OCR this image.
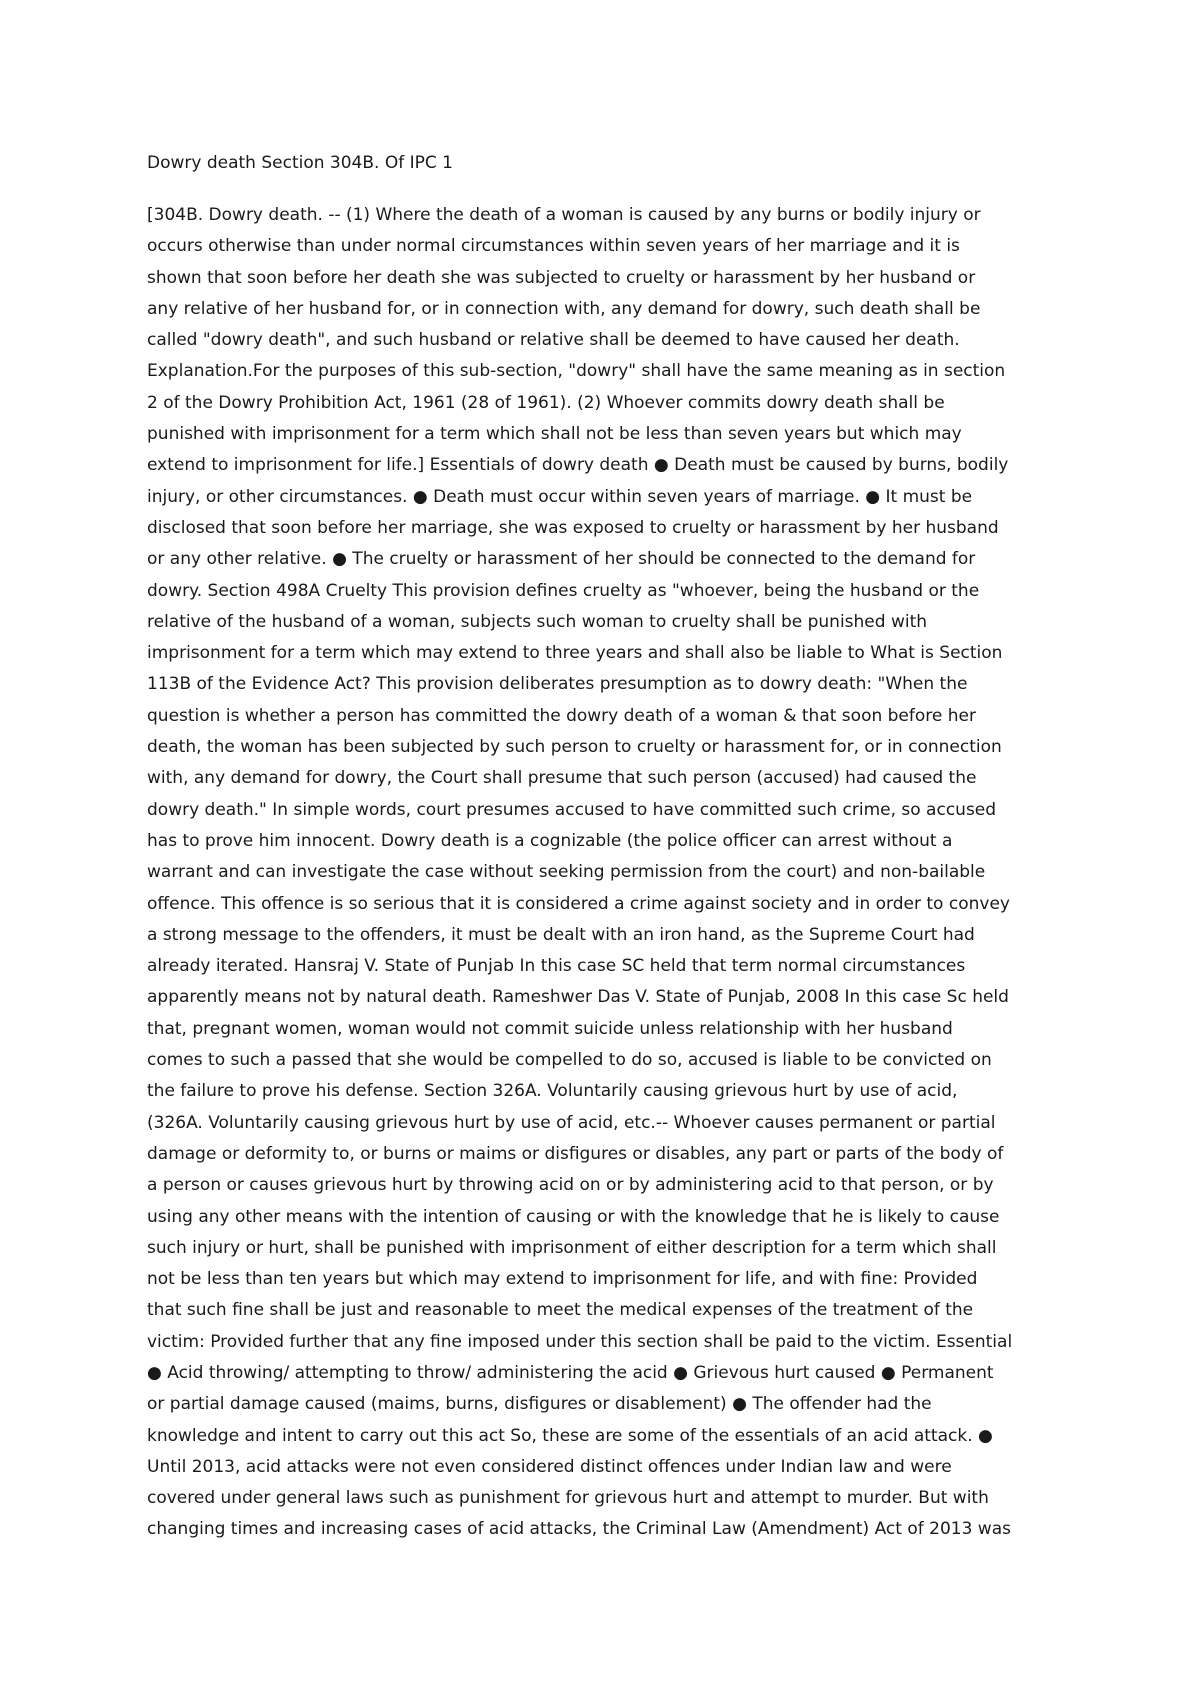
Dowry death Section 304B. Of IPC 1
[304B. Dowry death. -- (1) Where the death of a woman is caused by any burns or bodily injury or
occurs otherwise than under normal circumstances within seven years of her marriage and it is
shown that soon before her death she was subjected to cruelty or harassment by her husband or
any relative of her husband for, or in connection with, any demand for dowry, such death shall be
called "dowry death", and such husband or relative shall be deemed to have caused her death.
Explanation.For the purposes of this sub-section, "dowry" shall have the same meaning as in section
2 of the Dowry Prohibition Act, 1961 (28 of 1961). (2) Whoever commits dowry death shall be
punished with imprisonment for a term which shall not be less than seven years but which may
extend to imprisonment for life.] Essentials of dowry death ● Death must be caused by burns, bodily
injury, or other circumstances. ● Death must occur within seven years of marriage. ● It must be
disclosed that soon before her marriage, she was exposed to cruelty or harassment by her husband
or any other relative. ● The cruelty or harassment of her should be connected to the demand for
dowry. Section 498A Cruelty This provision defines cruelty as "whoever, being the husband or the
relative of the husband of a woman, subjects such woman to cruelty shall be punished with
imprisonment for a term which may extend to three years and shall also be liable to What is Section
113B of the Evidence Act? This provision deliberates presumption as to dowry death: "When the
question is whether a person has committed the dowry death of a woman & that soon before her
death, the woman has been subjected by such person to cruelty or harassment for, or in connection
with, any demand for dowry, the Court shall presume that such person (accused) had caused the
dowry death." In simple words, court presumes accused to have committed such crime, so accused
has to prove him innocent. Dowry death is a cognizable (the police officer can arrest without a
warrant and can investigate the case without seeking permission from the court) and non-bailable
offence. This offence is so serious that it is considered a crime against society and in order to convey
a strong message to the offenders, it must be dealt with an iron hand, as the Supreme Court had
already iterated. Hansraj V. State of Punjab In this case SC held that term normal circumstances
apparently means not by natural death. Rameshwer Das V. State of Punjab, 2008 In this case Sc held
that, pregnant women, woman would not commit suicide unless relationship with her husband
comes to such a passed that she would be compelled to do so, accused is liable to be convicted on
the failure to prove his defense. Section 326A. Voluntarily causing grievous hurt by use of acid,
(326A. Voluntarily causing grievous hurt by use of acid, etc.-- Whoever causes permanent or partial
damage or deformity to, or burns or maims or disfigures or disables, any part or parts of the body of
a person or causes grievous hurt by throwing acid on or by administering acid to that person, or by
using any other means with the intention of causing or with the knowledge that he is likely to cause
such injury or hurt, shall be punished with imprisonment of either description for a term which shall
not be less than ten years but which may extend to imprisonment for life, and with fine: Provided
that such fine shall be just and reasonable to meet the medical expenses of the treatment of the
victim: Provided further that any fine imposed under this section shall be paid to the victim. Essential
● Acid throwing/ attempting to throw/ administering the acid ● Grievous hurt caused ● Permanent
or partial damage caused (maims, burns, disfigures or disablement) ● The offender had the
knowledge and intent to carry out this act So, these are some of the essentials of an acid attack. ●
Until 2013, acid attacks were not even considered distinct offences under Indian law and were
covered under general laws such as punishment for grievous hurt and attempt to murder. But with
changing times and increasing cases of acid attacks, the Criminal Law (Amendment) Act of 2013 was
